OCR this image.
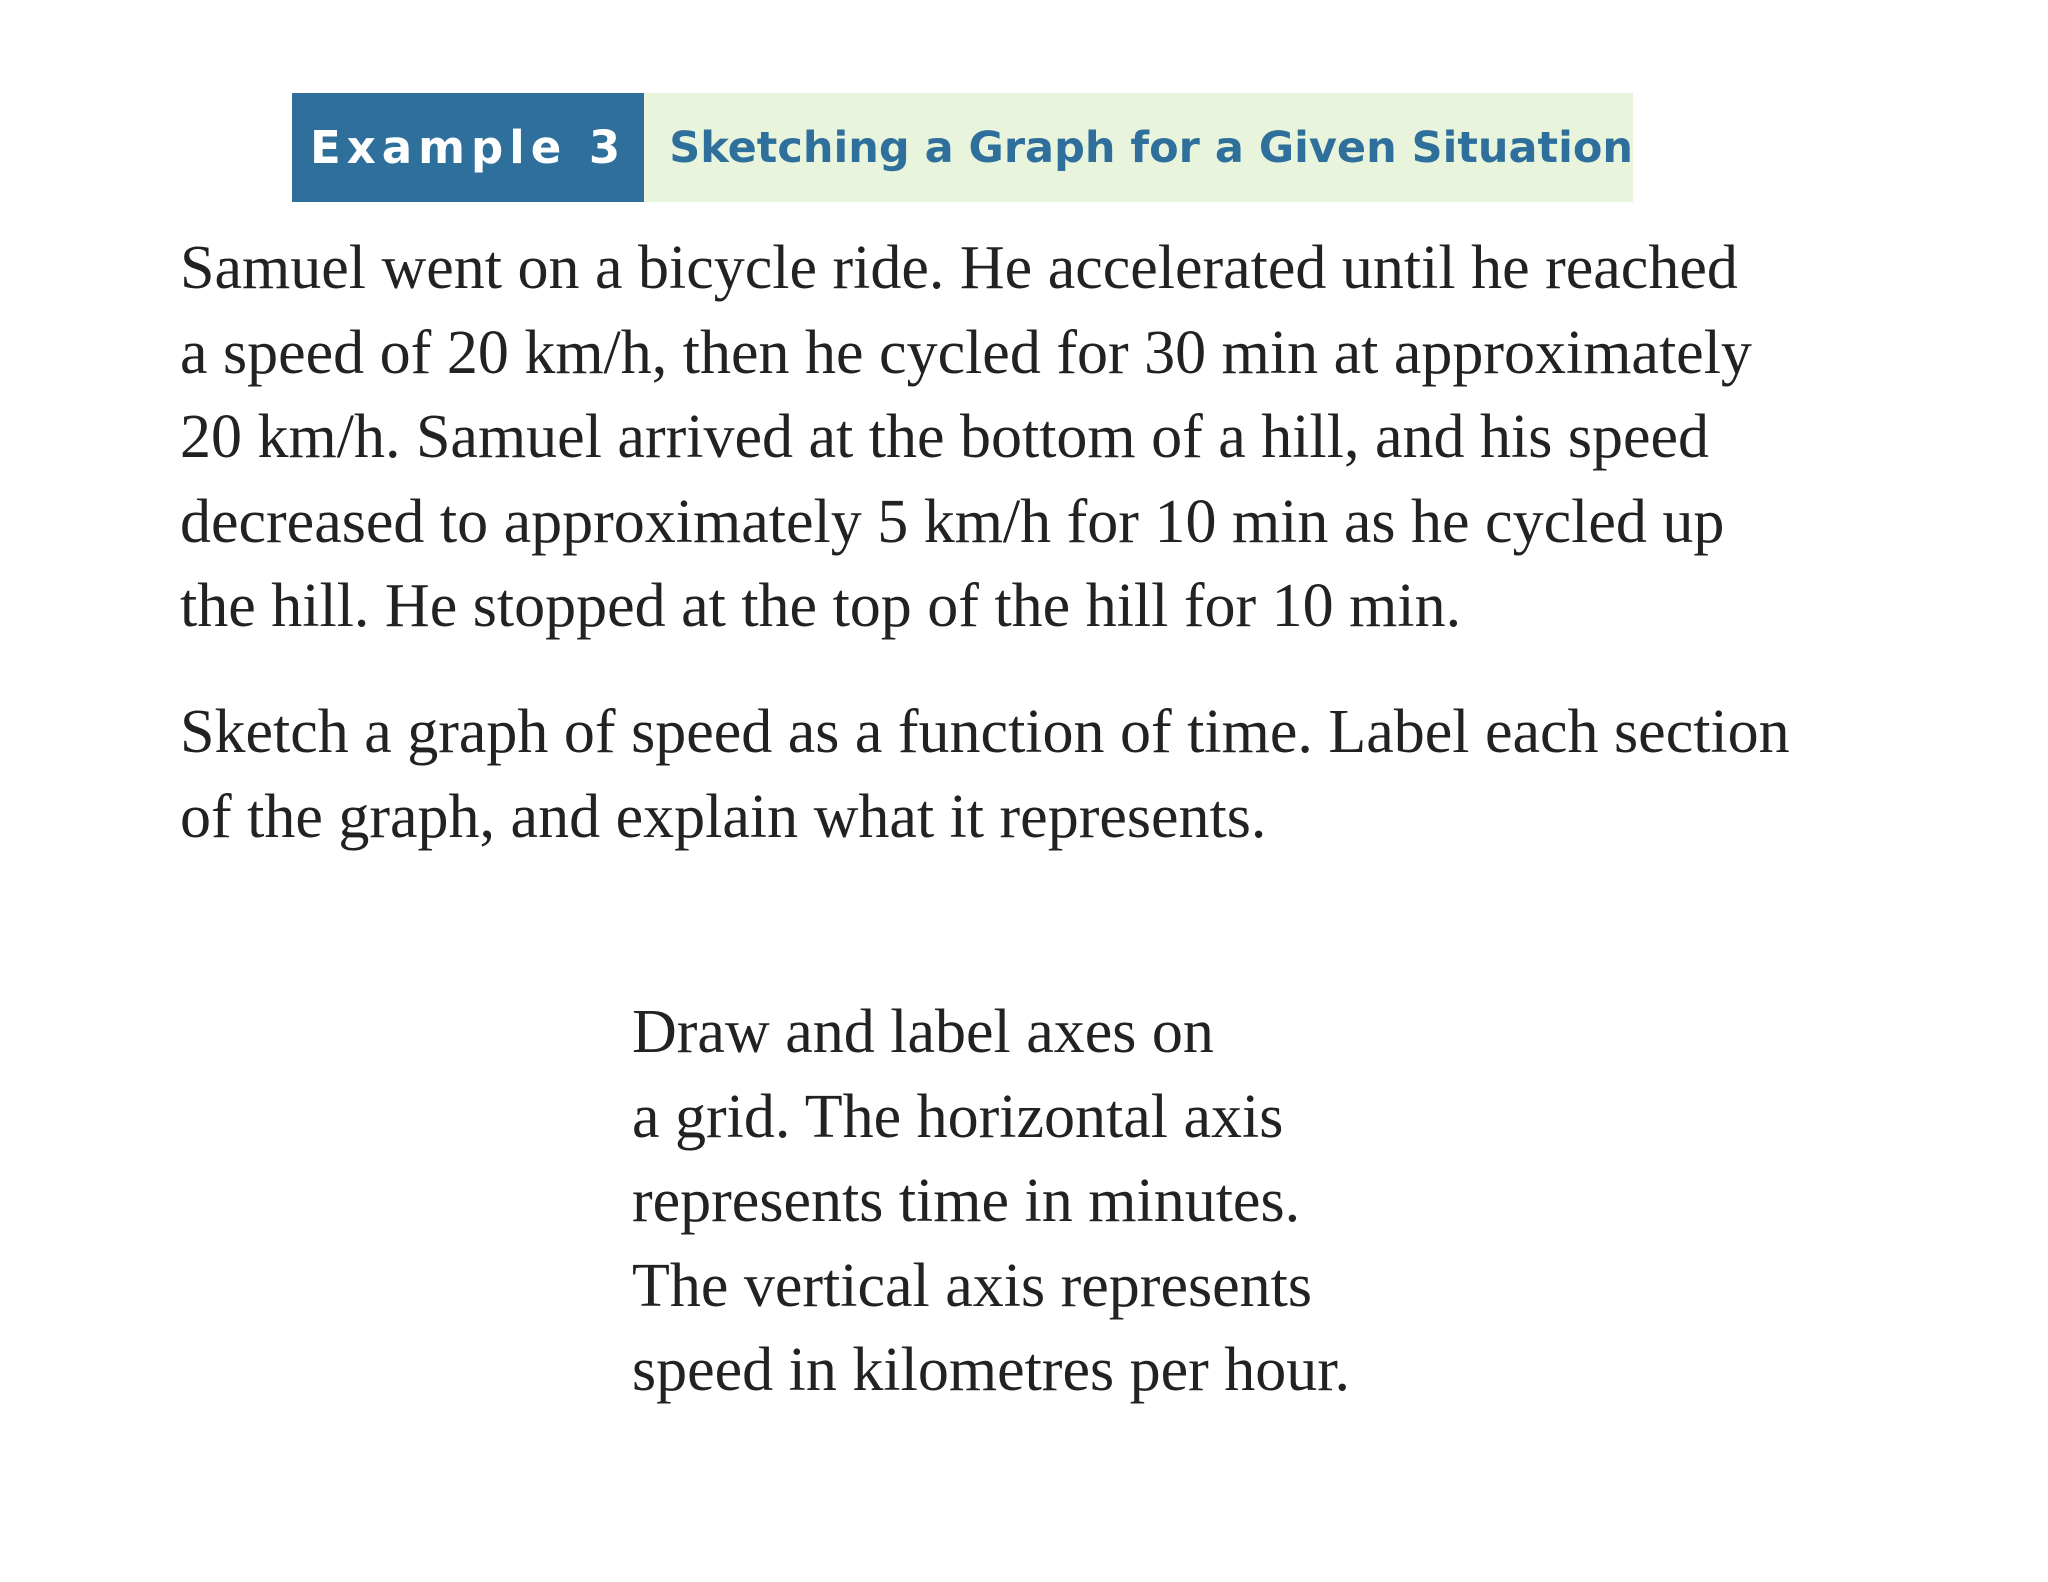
Example 3	Sketching a Graph for a Given Situation
Samuel went on a bicycle ride. He accelerated until he reached
a speed of 20 km/h, then he cycled for 30 min at approximately
20 km/h. Samuel arrived at the bottom of a hill, and his speed
decreased to approximately 5 km/h for 10 min as he cycled up
the hill. He stopped at the top of the hill for 10 min.
Sketch a graph of speed as a function of time. Label each section
of the graph, and explain what it represents.
Draw and label axes on
a grid. The horizontal axis
represents time in minutes.
The vertical axis represents
speed in kilometres per hour.
